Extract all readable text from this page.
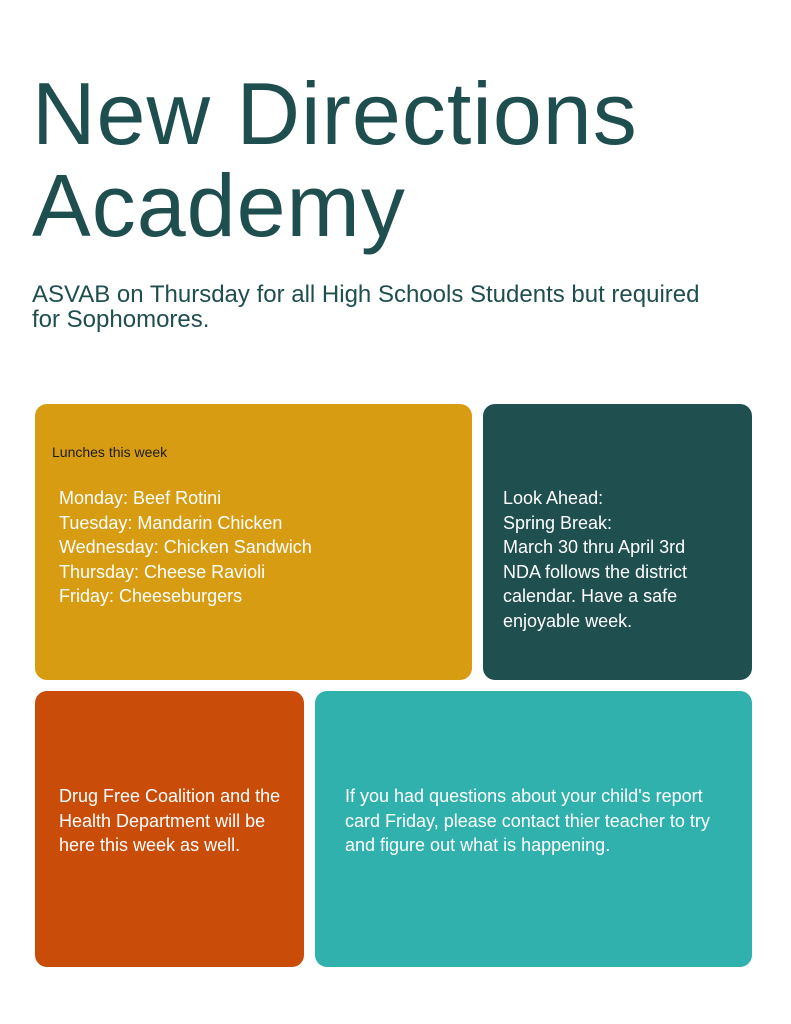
New Directions
Academy

ASVAB on Thursday for all High Schools Students but required for Sophomores.

Lunches this week
Monday: Beef Rotini
Tuesday: Mandarin Chicken
Wednesday: Chicken Sandwich
Thursday: Cheese Ravioli
Friday: Cheeseburgers
Look Ahead:
Spring Break:
March 30 thru April 3rd
NDA follows the district
calendar. Have a safe
enjoyable week.

Drug Free Coalition and the Health Department will be here this week as well.

If you had questions about your child's report card Friday, please contact thier teacher to try and figure out what is happening.
